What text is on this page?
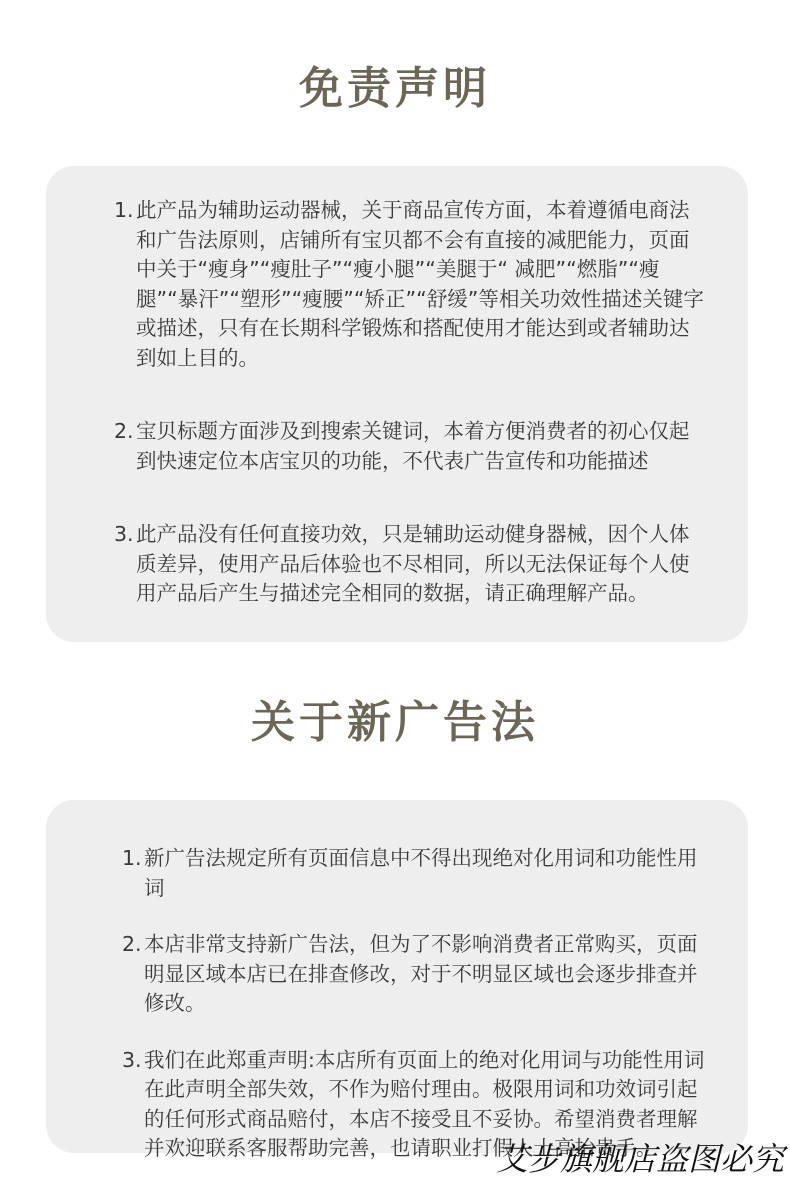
免责声明

1. 此产品为辅助运动器械，关于商品宣传方面，本着遵循电商法和广告法原则，店铺所有宝贝都不会有直接的减肥能力，页面中关于“瘦身”“瘦肚子”“瘦小腿”“美腿于“ 减肥”“燃脂”“瘦腿”“暴汗”“塑形”“瘦腰”“矫正”“舒缓”等相关功效性描述关键字或描述，只有在长期科学锻炼和搭配使用才能达到或者辅助达到如上目的。

2. 宝贝标题方面涉及到搜索关键词，本着方便消费者的初心仅起到快速定位本店宝贝的功能，不代表广告宣传和功能描述

3. 此产品没有任何直接功效，只是辅助运动健身器械，因个人体质差异，使用产品后体验也不尽相同，所以无法保证每个人使用产品后产生与描述完全相同的数据，请正确理解产品。

关于新广告法

1. 新广告法规定所有页面信息中不得出现绝对化用词和功能性用词

2. 本店非常支持新广告法，但为了不影响消费者正常购买，页面明显区域本店已在排查修改，对于不明显区域也会逐步排查并修改。

3. 我们在此郑重声明:本店所有页面上的绝对化用词与功能性用词在此声明全部失效，不作为赔付理由。极限用词和功效词引起的任何形式商品赔付，本店不接受且不妥协。希望消费者理解并欢迎联系客服帮助完善，也请职业打假人士高抬贵手。

艾步旗舰店盗图必究
